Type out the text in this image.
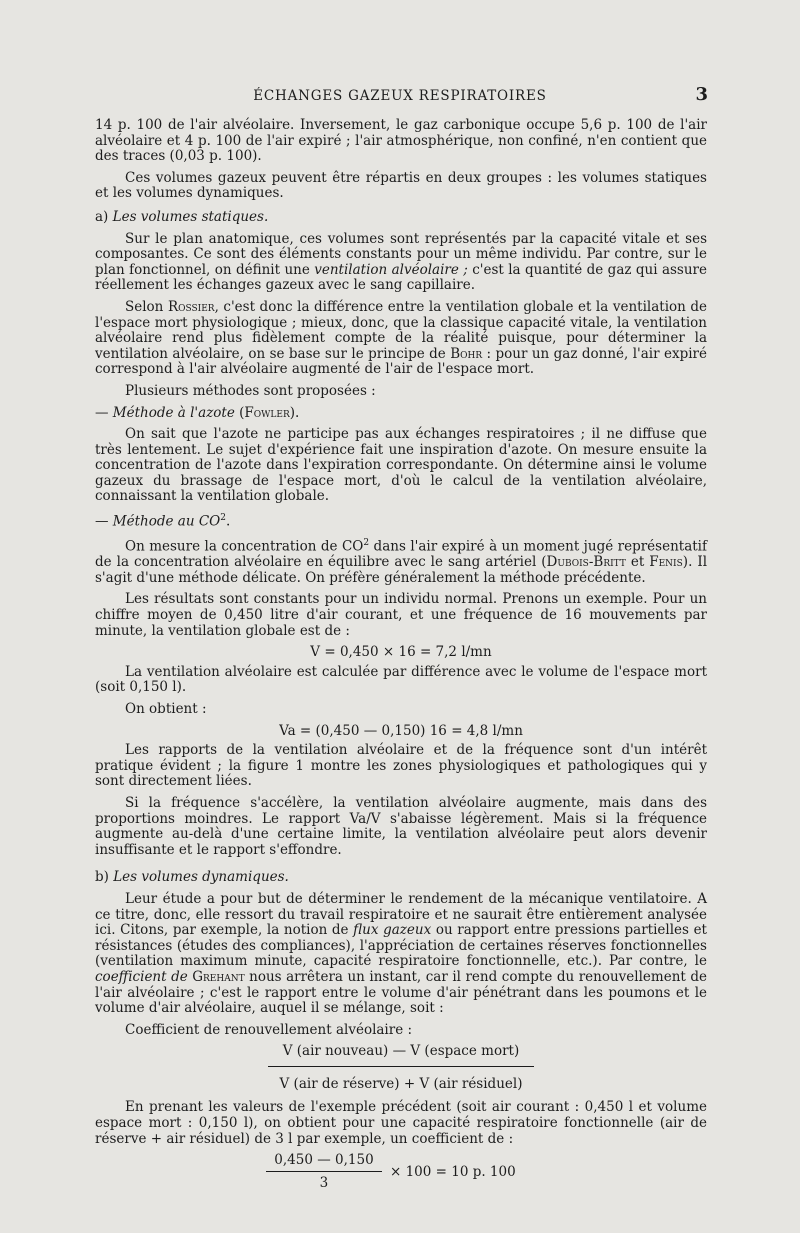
ÉCHANGES GAZEUX RESPIRATOIRES	3

14 p. 100 de l'air alvéolaire. Inversement, le gaz carbonique occupe 5,6 p. 100 de l'air alvéolaire et 4 p. 100 de l'air expiré ; l'air atmosphérique, non confiné, n'en contient que des traces (0,03 p. 100).

Ces volumes gazeux peuvent être répartis en deux groupes : les volumes statiques et les volumes dynamiques.

a) Les volumes statiques.

Sur le plan anatomique, ces volumes sont représentés par la capacité vitale et ses composantes. Ce sont des éléments constants pour un même individu. Par contre, sur le plan fonctionnel, on définit une ventilation alvéolaire ; c'est la quantité de gaz qui assure réellement les échanges gazeux avec le sang capillaire.

Selon Rossier, c'est donc la différence entre la ventilation globale et la ventilation de l'espace mort physiologique ; mieux, donc, que la classique capacité vitale, la ventilation alvéolaire rend plus fidèlement compte de la réalité puisque, pour déterminer la ventilation alvéolaire, on se base sur le principe de Bohr : pour un gaz donné, l'air expiré correspond à l'air alvéolaire augmenté de l'air de l'espace mort.

Plusieurs méthodes sont proposées :

— Méthode à l'azote (Fowler).

On sait que l'azote ne participe pas aux échanges respiratoires ; il ne diffuse que très lentement. Le sujet d'expérience fait une inspiration d'azote. On mesure ensuite la concentration de l'azote dans l'expiration correspondante. On détermine ainsi le volume gazeux du brassage de l'espace mort, d'où le calcul de la ventilation alvéolaire, connaissant la ventilation globale.

— Méthode au $CO^2$.

On mesure la concentration de $CO^2$ dans l'air expiré à un moment jugé représentatif de la concentration alvéolaire en équilibre avec le sang artériel (Dubois-Britt et Fenis). Il s'agit d'une méthode délicate. On préfère généralement la méthode précédente.

Les résultats sont constants pour un individu normal. Prenons un exemple. Pour un chiffre moyen de 0,450 litre d'air courant, et une fréquence de 16 mouvements par minute, la ventilation globale est de :

V = 0,450 × 16 = 7,2 l/mn

La ventilation alvéolaire est calculée par différence avec le volume de l'espace mort (soit 0,150 l).

On obtient :

Va = (0,450 — 0,150) 16 = 4,8 l/mn

Les rapports de la ventilation alvéolaire et de la fréquence sont d'un intérêt pratique évident ; la figure 1 montre les zones physiologiques et pathologiques qui y sont directement liées.

Si la fréquence s'accélère, la ventilation alvéolaire augmente, mais dans des proportions moindres. Le rapport Va/V s'abaisse légèrement. Mais si la fréquence augmente au-delà d'une certaine limite, la ventilation alvéolaire peut alors devenir insuffisante et le rapport s'effondre.

b) Les volumes dynamiques.

Leur étude a pour but de déterminer le rendement de la mécanique ventilatoire. A ce titre, donc, elle ressort du travail respiratoire et ne saurait être entièrement analysée ici. Citons, par exemple, la notion de flux gazeux ou rapport entre pressions partielles et résistances (études des compliances), l'appréciation de certaines réserves fonctionnelles (ventilation maximum minute, capacité respiratoire fonctionnelle, etc.). Par contre, le coefficient de Grehant nous arrêtera un instant, car il rend compte du renouvellement de l'air alvéolaire ; c'est le rapport entre le volume d'air pénétrant dans les poumons et le volume d'air alvéolaire, auquel il se mélange, soit :

Coefficient de renouvellement alvéolaire :

$\frac{\text{V (air nouveau) — V (espace mort)}}{\text{V (air de réserve) + V (air résiduel)}}$

En prenant les valeurs de l'exemple précédent (soit air courant : 0,450 l et volume espace mort : 0,150 l), on obtient pour une capacité respiratoire fonctionnelle (air de réserve + air résiduel) de 3 l par exemple, un coefficient de :

$\frac{0,450 — 0,150}{3} \times 100 = 10$ p. 100
